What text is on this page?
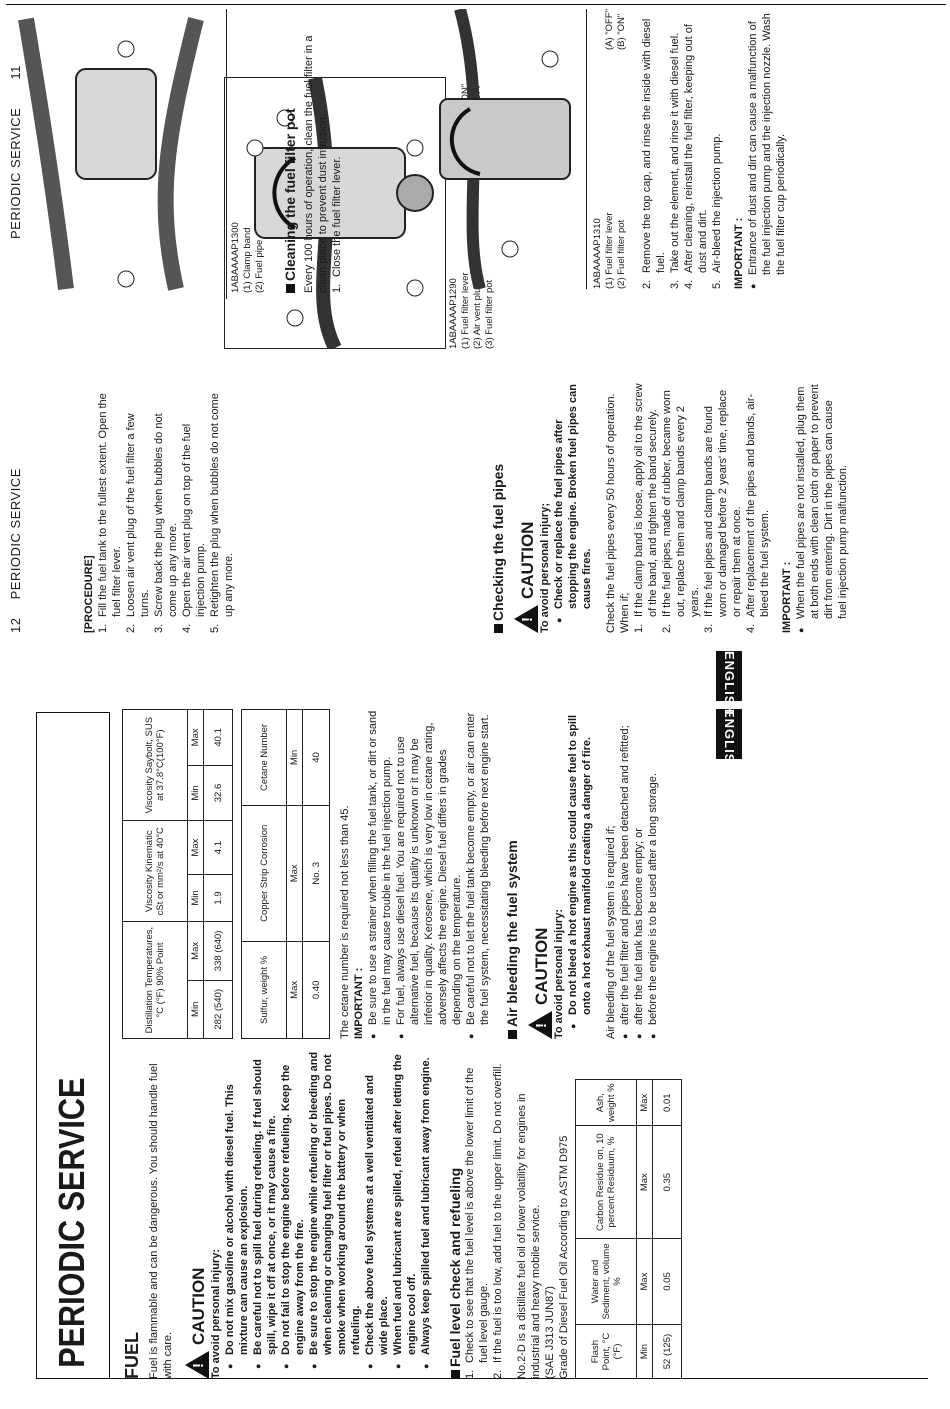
PERIODIC SERVICE 11
PERIODIC SERVICE	FUEL Fuel is flammable and can be dangerous. You should handle fuel with care. !
CAUTION To avoid personal injury: ● Do not mix gasoline or alcohol with diesel fuel. This mixture can cause an explosion. ● Be careful not to spill fuel during refueling. If fuel should spill, wipe it off at once, or it may cause a fire. ● Do not fail to stop the engine before refueling. Keep the engine away from the fire. ● Be sure to stop the engine while refueling or bleeding and when cleaning or changing fuel filter or fuel pipes. Do not smoke when working around the battery or when refueling. ● Check the above fuel systems at a well ventilated and wide place. ● When fuel and lubricant are spilled, refuel after letting the engine cool off. ● Always keep spilled fuel and lubricant away from engine. Fuel level check and refueling
1.
Check to see that the fuel level is above the lower limit of the fuel level gauge.
2.
If the fuel is too low, add fuel to the upper limit. Do not overfill. No.2-D is a distillate fuel oil of lower volatility for engines in industrial and heavy mobile service. (SAE J313 JUN87) Grade of Diesel Fuel Oil According to ASTM D975 Flash Point, °C (°F)	Water and Sediment, volume %	Carbon Residue on, 10 percent Residuum, %	Ash, weight %
Min	Max	Max	Max
52 (125)	0.05	0.35	0.01
Distillation Temperatures, °C (°F) 90% Point		Viscosity Kinematic cSt or mm²/s at 40°C		Viscosity Saybolt, SUS at 37.8°C(100°F)	
Min	Max	Min	Max	Min	Max
282 (540)	338 (640)	1.9	4.1	32.6	40.1
Sulfur, weight %	Copper Strip Corrosion	Cetane Number
Max	Max	Min
0.40	No. 3	40
The cetane number is required not less than 45. IMPORTANT : ● Be sure to use a strainer when filling the fuel tank, or dirt or sand in the fuel may cause trouble in the fuel injection pump. ● For fuel, always use diesel fuel. You are required not to use alternative fuel, because its quality is unknown or it may be inferior in quality. Kerosene, which is very low in cetane rating, adversely affects the engine. Diesel fuel differs in grades depending on the temperature. ● Be careful not to let the fuel tank become empty, or air can enter the fuel system, necessitating bleeding before next engine start. Air bleeding the fuel system !
CAUTION To avoid personal injury: ● Do not bleed a hot engine as this could cause fuel to spill onto a hot exhaust manifold creating a danger of fire. Air bleeding of the fuel system is required if; ● after the fuel filter and pipes have been detached and refitted; ● after the fuel tank has become empty; or ● before the engine is to be used after a long storage.
ENGLISH
ENGLISH
12 PERIODIC SERVICE	[PROCEDURE] 1.
Fill the fuel tank to the fullest extent. Open the fuel filter lever.
2.
Loosen air vent plug of the fuel filter a few turns.
3.
Screw back the plug when bubbles do not come up any more.
4.
Open the air vent plug on top of the fuel injection pump.
5.
Retighten the plug when bubbles do not come up any more.
1ABAAAAP1290 (1) Fuel filter lever (2) Air vent plug (3) Fuel filter pot
Checking the fuel pipes !
CAUTION To avoid personal injury; ● Check or replace the fuel pipes after stopping the engine. Broken fuel pipes can cause fires. Check the fuel pipes every 50 hours of operation. When if; 1.
If the clamp band is loose, apply oil to the screw of the band, and tighten the band securely.
2.
If the fuel pipes, made of rubber, became worn out, replace them and clamp bands every 2 years.
3.
If the fuel pipes and clamp bands are found worn or damaged before 2 years' time, replace or repair them at once.
4.
After replacement of the pipes and bands, air-bleed the fuel system. IMPORTANT : ● When the fuel pipes are not installed, plug them at both ends with clean cloth or paper to prevent dirt from entering. Dirt in the pipes can cause fuel injection pump malfunction.
1ABAAAAP1300 (1) Clamp band (2) Fuel pipe Cleaning the fuel filter pot Every 100 hours of operation, clean the fuel filter in a clean place to prevent dust intrusion. 1.
Close the fuel filter lever.	1ABAAAAP1310 (1) Fuel filter lever (2) Fuel filter pot
(A) "OFF" (B) "ON"
2.
Remove the top cap, and rinse the inside with diesel fuel.
3.
Take out the element, and rinse it with diesel fuel.
4.
After cleaning, reinstall the fuel filter, keeping out of dust and dirt.
5.
Air-bleed the injection pump. IMPORTANT : ● Entrance of dust and dirt can cause a malfunction of the fuel injection pump and the injection nozzle. Wash the fuel filter cup periodically.
